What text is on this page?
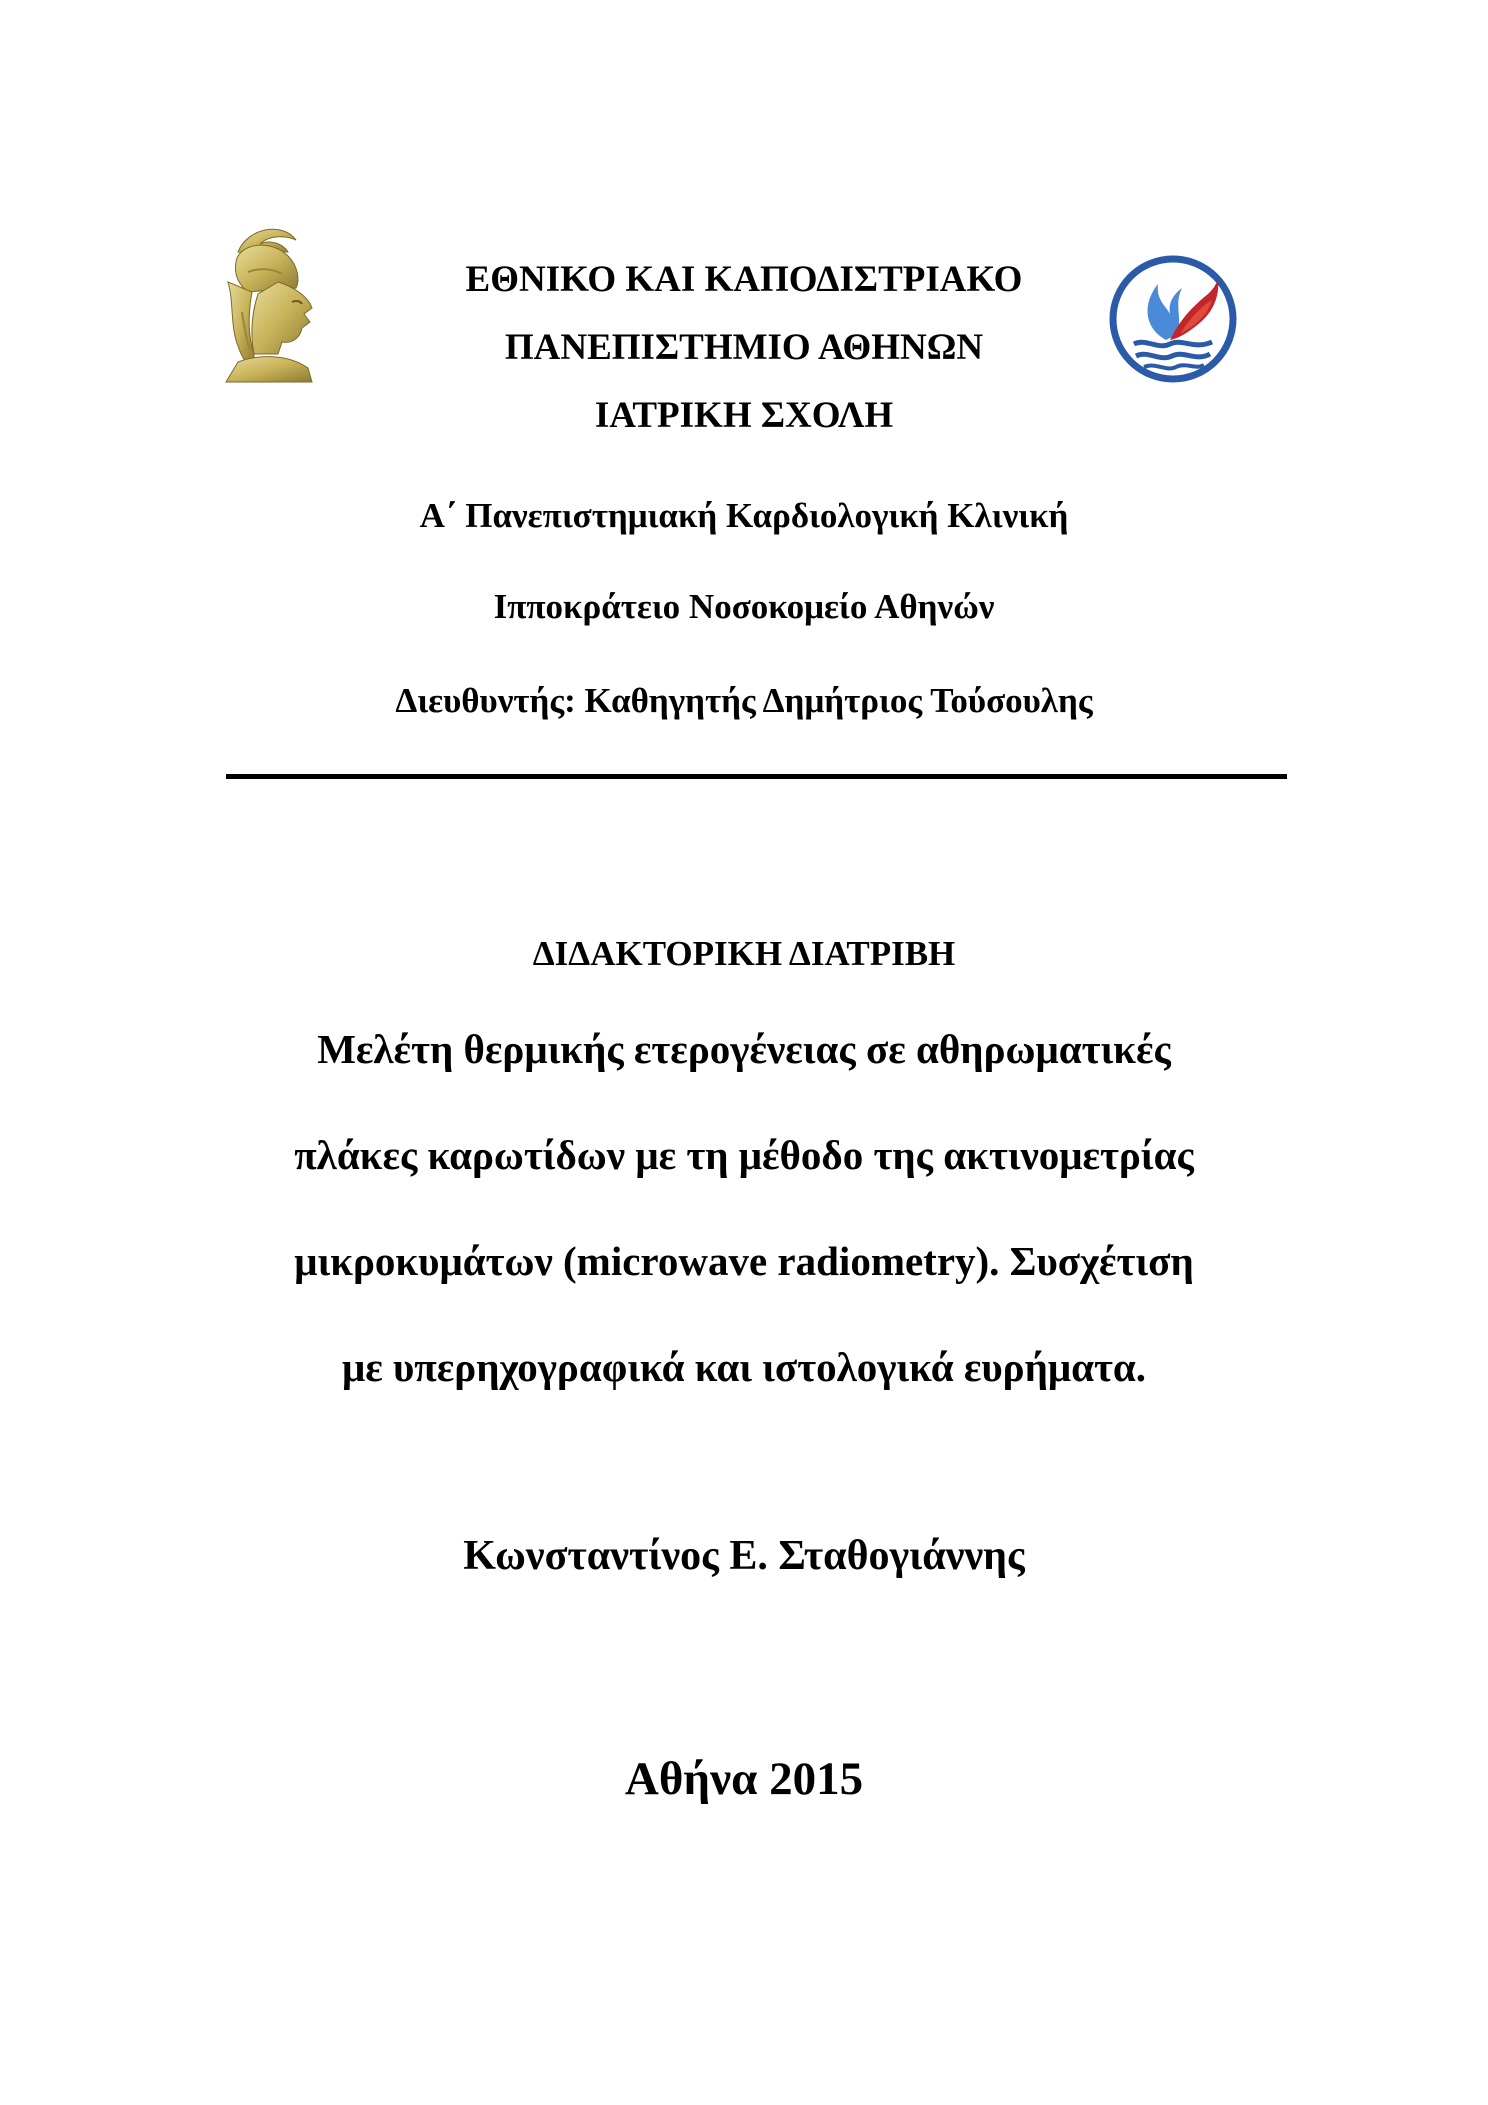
ΕΘΝΙΚΟ ΚΑΙ ΚΑΠΟΔΙΣΤΡΙΑΚΟ
ΠΑΝΕΠΙΣΤΗΜΙΟ ΑΘΗΝΩΝ
ΙΑΤΡΙΚΗ ΣΧΟΛΗ
Α΄ Πανεπιστημιακή Καρδιολογική Κλινική
Ιπποκράτειο Νοσοκομείο Αθηνών
Διευθυντής: Καθηγητής Δημήτριος Τούσουλης
ΔΙΔΑΚΤΟΡΙΚΗ ΔΙΑΤΡΙΒΗ
Μελέτη θερμικής ετερογένειας σε αθηρωματικές
πλάκες καρωτίδων με τη μέθοδο της ακτινομετρίας
μικροκυμάτων (microwave radiometry). Συσχέτιση
με υπερηχογραφικά και ιστολογικά ευρήματα.
Κωνσταντίνος Ε. Σταθογιάννης
Αθήνα 2015
